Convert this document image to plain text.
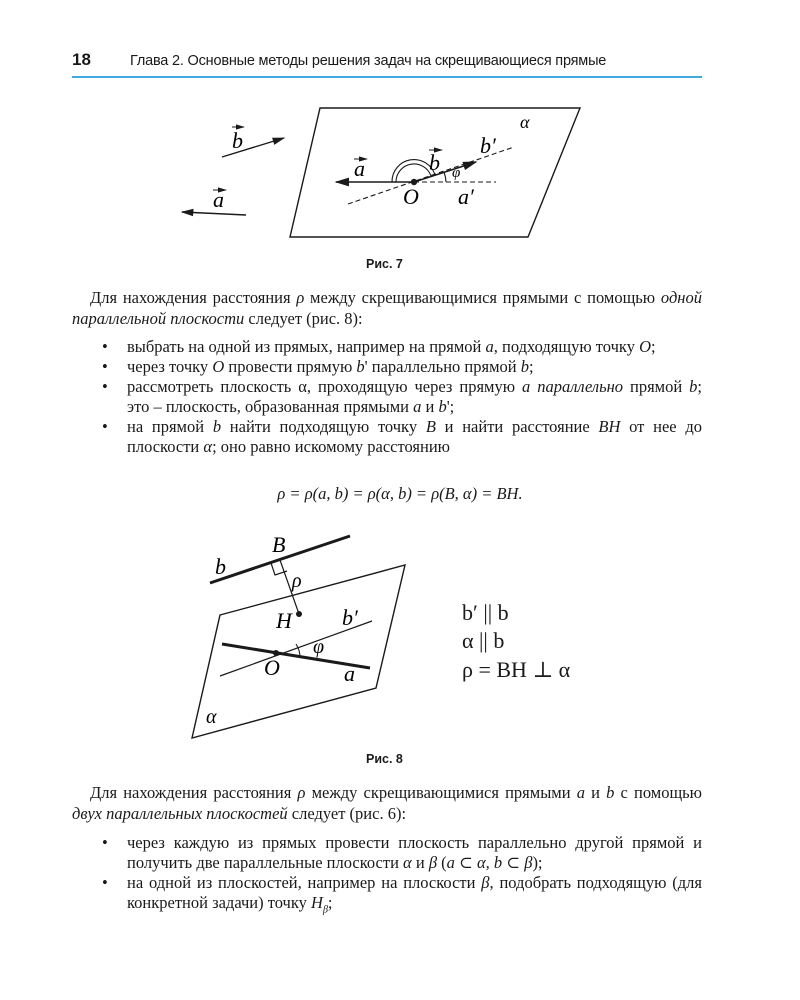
18	Глава 2. Основные методы решения задач на скрещивающиеся прямые
b
a
α
a	b
b′
φ
O a′
Рис. 7

Для нахождения расстояния ρ между скрещивающимися прямыми с помощью одной параллельной плоскости следует (рис. 8):

• выбрать на одной из прямых, например на прямой a, подходящую точку O;
• через точку O провести прямую b' параллельно прямой b;
• рассмотреть плоскость α, проходящую через прямую a параллельно прямой b; это – плоскость, образованная прямыми a и b';
• на прямой b найти подходящую точку B и найти расстояние BH от нее до плоскости α; оно равно искомому расстоянию
ρ = ρ(a, b) = ρ(α, b) = ρ(B, α) = BH.
b
B
ρ
H b′
φ
O	a
α
b′ || b
α || b
ρ = BH ⊥ α
Рис. 8

Для нахождения расстояния ρ между скрещивающимися прямыми a и b с помощью двух параллельных плоскостей следует (рис. 6):

• через каждую из прямых провести плоскость параллельно другой прямой и получить две параллельные плоскости α и β (a ⊂ α, b ⊂ β);
• на одной из плоскостей, например на плоскости β, подобрать подходящую (для конкретной задачи) точку $H_\beta$;
